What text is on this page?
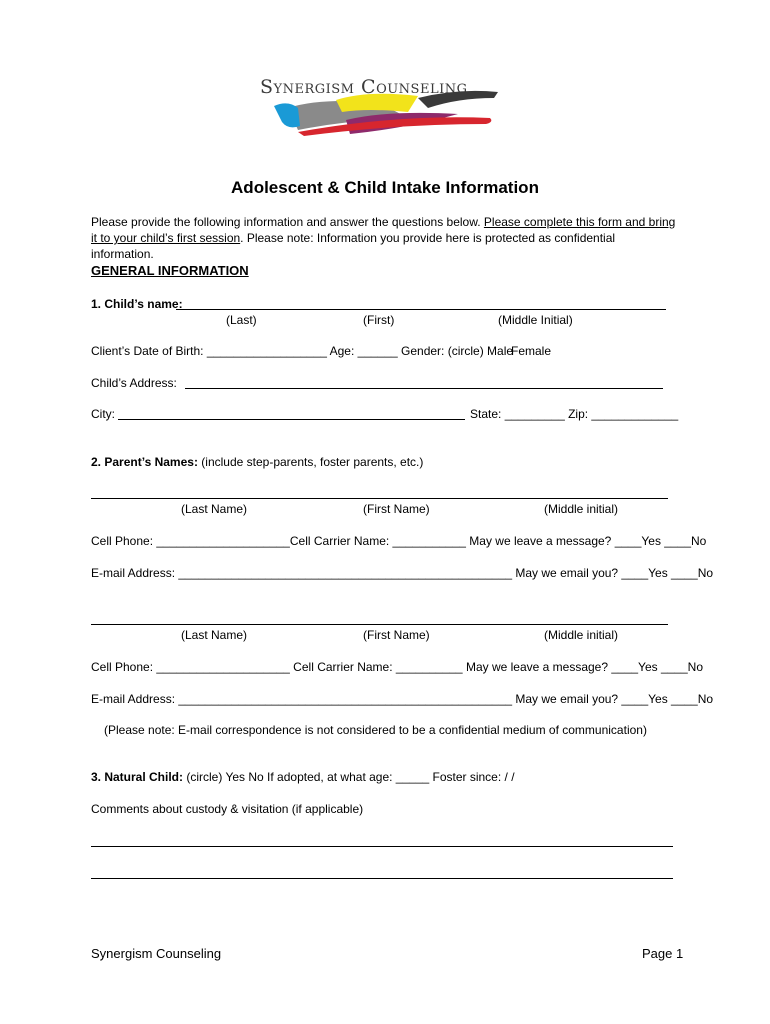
Synergism Counseling
Adolescent & Child Intake Information
Please provide the following information and answer the questions below. Please complete this form and bring it to your child’s first session. Please note: Information you provide here is protected as confidential information.
GENERAL INFORMATION
1. Child’s name:
(Last)	(First)	(Middle Initial)
Client’s Date of Birth: __________________ Age: ______ Gender: (circle) Male
Female
Child’s Address:
City:	State: _________ Zip: _____________
2. Parent’s Names: (include step-parents, foster parents, etc.)
(Last Name)	(First Name)	(Middle initial)
Cell Phone: ____________________Cell Carrier Name: ___________ May we leave a message? ____Yes ____No
E-mail Address: __________________________________________________ May we email you? ____Yes ____No
(Last Name)	(First Name)	(Middle initial)
Cell Phone: ____________________ Cell Carrier Name: __________ May we leave a message? ____Yes ____No
E-mail Address: __________________________________________________ May we email you? ____Yes ____No
(Please note: E-mail correspondence is not considered to be a confidential medium of communication)
3. Natural Child: (circle) Yes No If adopted, at what age: _____ Foster since: / /
Comments about custody & visitation (if applicable)
Synergism Counseling	Page 1
